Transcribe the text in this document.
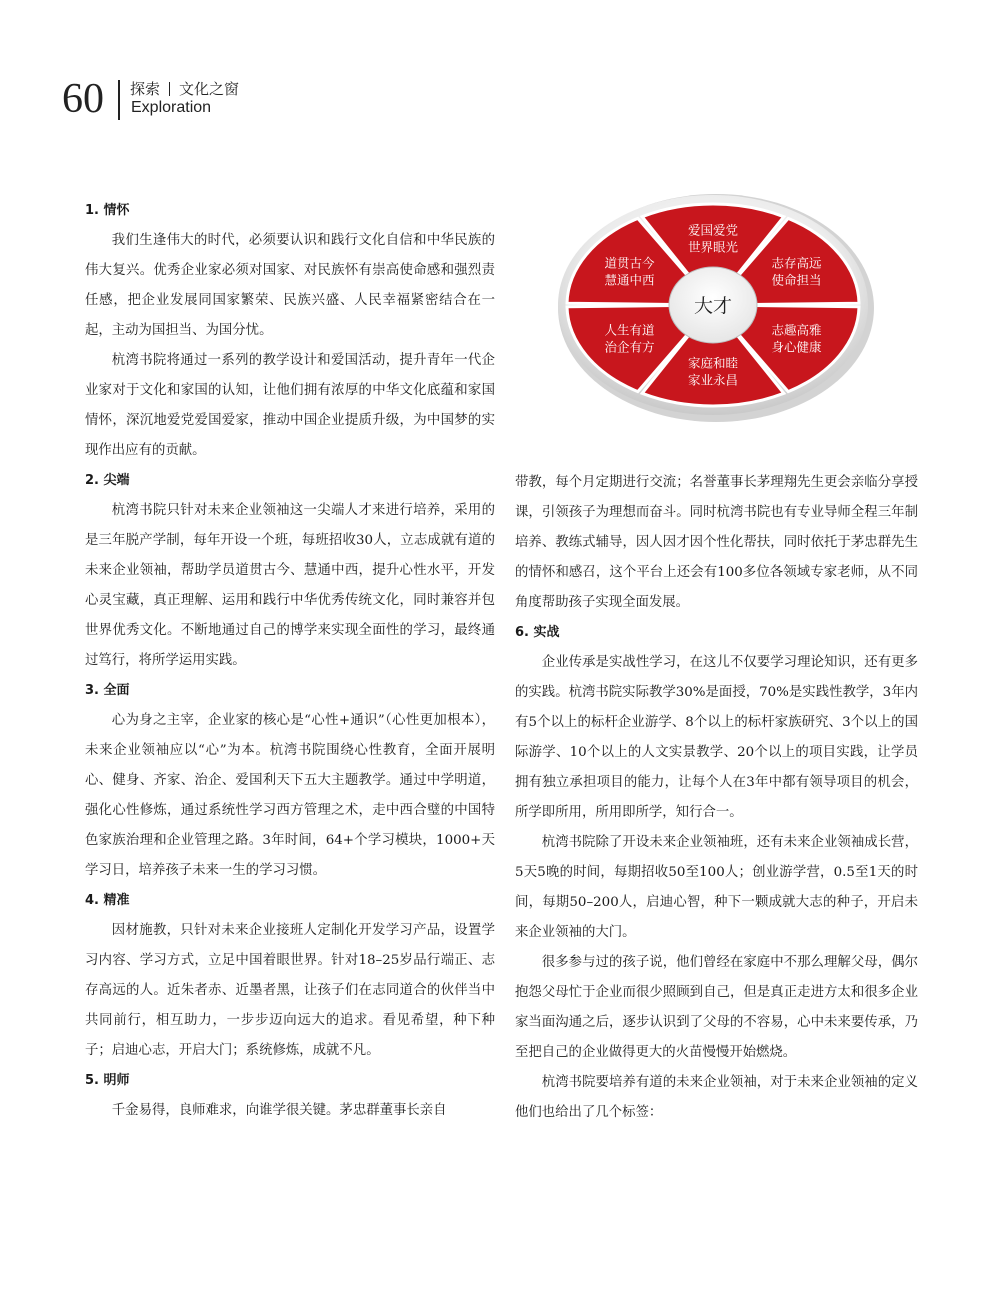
60 探索 文化之窗
Exploration
爱国爱党
世界眼光
志存高远
使命担当
志趣高雅
身心健康
家庭和睦
家业永昌
人生有道
治企有方
道贯古今
慧通中西
大才

1. 情怀

我们生逢伟大的时代，必须要认识和践行文化自信和中华民族的伟大复兴。优秀企业家必须对国家、对民族怀有崇高使命感和强烈责任感，把企业发展同国家繁荣、民族兴盛、人民幸福紧密结合在一起，主动为国担当、为国分忧。

杭湾书院将通过一系列的教学设计和爱国活动，提升青年一代企业家对于文化和家国的认知，让他们拥有浓厚的中华文化底蕴和家国情怀，深沉地爱党爱国爱家，推动中国企业提质升级，为中国梦的实现作出应有的贡献。

2. 尖端

杭湾书院只针对未来企业领袖这一尖端人才来进行培养，采用的是三年脱产学制，每年开设一个班，每班招收30人，立志成就有道的未来企业领袖，帮助学员道贯古今、慧通中西，提升心性水平，开发心灵宝藏，真正理解、运用和践行中华优秀传统文化，同时兼容并包世界优秀文化。不断地通过自己的博学来实现全面性的学习，最终通过笃行，将所学运用实践。

3. 全面

心为身之主宰，企业家的核心是“心性+通识”（心性更加根本），未来企业领袖应以“心”为本。杭湾书院围绕心性教育，全面开展明心、健身、齐家、治企、爱国利天下五大主题教学。通过中学明道，强化心性修炼，通过系统性学习西方管理之术，走中西合璧的中国特色家族治理和企业管理之路。3年时间，64+个学习模块，1000+天学习日，培养孩子未来一生的学习习惯。

4. 精准

因材施教，只针对未来企业接班人定制化开发学习产品，设置学习内容、学习方式，立足中国着眼世界。针对18–25岁品行端正、志存高远的人。近朱者赤、近墨者黑，让孩子们在志同道合的伙伴当中共同前行，相互助力，一步步迈向远大的追求。看见希望，种下种子；启迪心志，开启大门；系统修炼，成就不凡。

5. 明师

千金易得，良师难求，向谁学很关键。茅忠群董事长亲自

带教，每个月定期进行交流；名誉董事长茅理翔先生更会亲临分享授课，引领孩子为理想而奋斗。同时杭湾书院也有专业导师全程三年制培养、教练式辅导，因人因才因个性化帮扶，同时依托于茅忠群先生的情怀和感召，这个平台上还会有100多位各领域专家老师，从不同角度帮助孩子实现全面发展。

6. 实战

企业传承是实战性学习，在这儿不仅要学习理论知识，还有更多的实践。杭湾书院实际教学30%是面授，70%是实践性教学，3年内有5个以上的标杆企业游学、8个以上的标杆家族研究、3个以上的国际游学、10个以上的人文实景教学、20个以上的项目实践，让学员拥有独立承担项目的能力，让每个人在3年中都有领导项目的机会，所学即所用，所用即所学，知行合一。

杭湾书院除了开设未来企业领袖班，还有未来企业领袖成长营，5天5晚的时间，每期招收50至100人；创业游学营，0.5至1天的时间，每期50–200人，启迪心智，种下一颗成就大志的种子，开启未来企业领袖的大门。

很多参与过的孩子说，他们曾经在家庭中不那么理解父母，偶尔抱怨父母忙于企业而很少照顾到自己，但是真正走进方太和很多企业家当面沟通之后，逐步认识到了父母的不容易，心中未来要传承，乃至把自己的企业做得更大的火苗慢慢开始燃烧。

杭湾书院要培养有道的未来企业领袖，对于未来企业领袖的定义他们也给出了几个标签：
